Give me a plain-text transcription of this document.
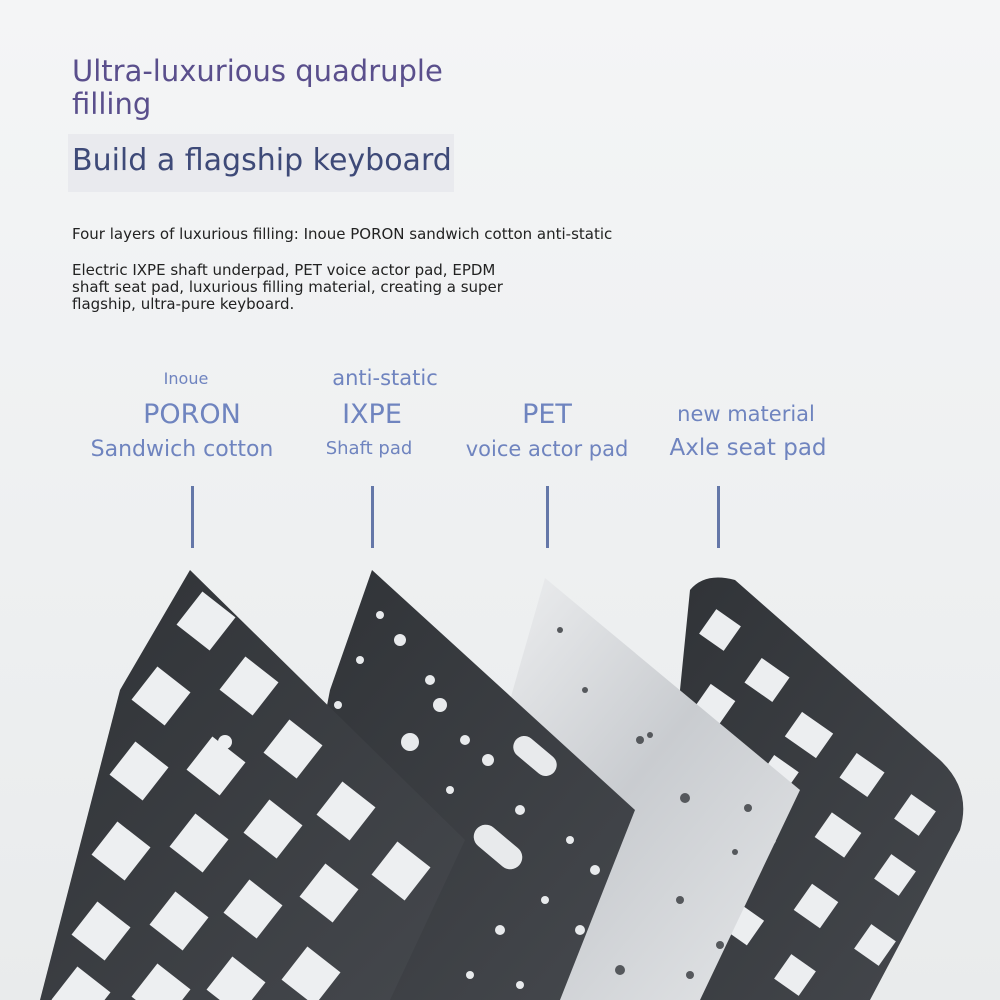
Ultra-luxurious quadruple filling
Build a flagship keyboard

Four layers of luxurious filling: Inoue PORON sandwich cotton anti-static

Electric IXPE shaft underpad, PET voice actor pad, EPDM shaft seat pad, luxurious filling material, creating a super flagship, ultra-pure keyboard.

Inoue
PORON
Sandwich cotton
anti-static
IXPE
Shaft pad
PET
voice actor pad
new material
Axle seat pad
